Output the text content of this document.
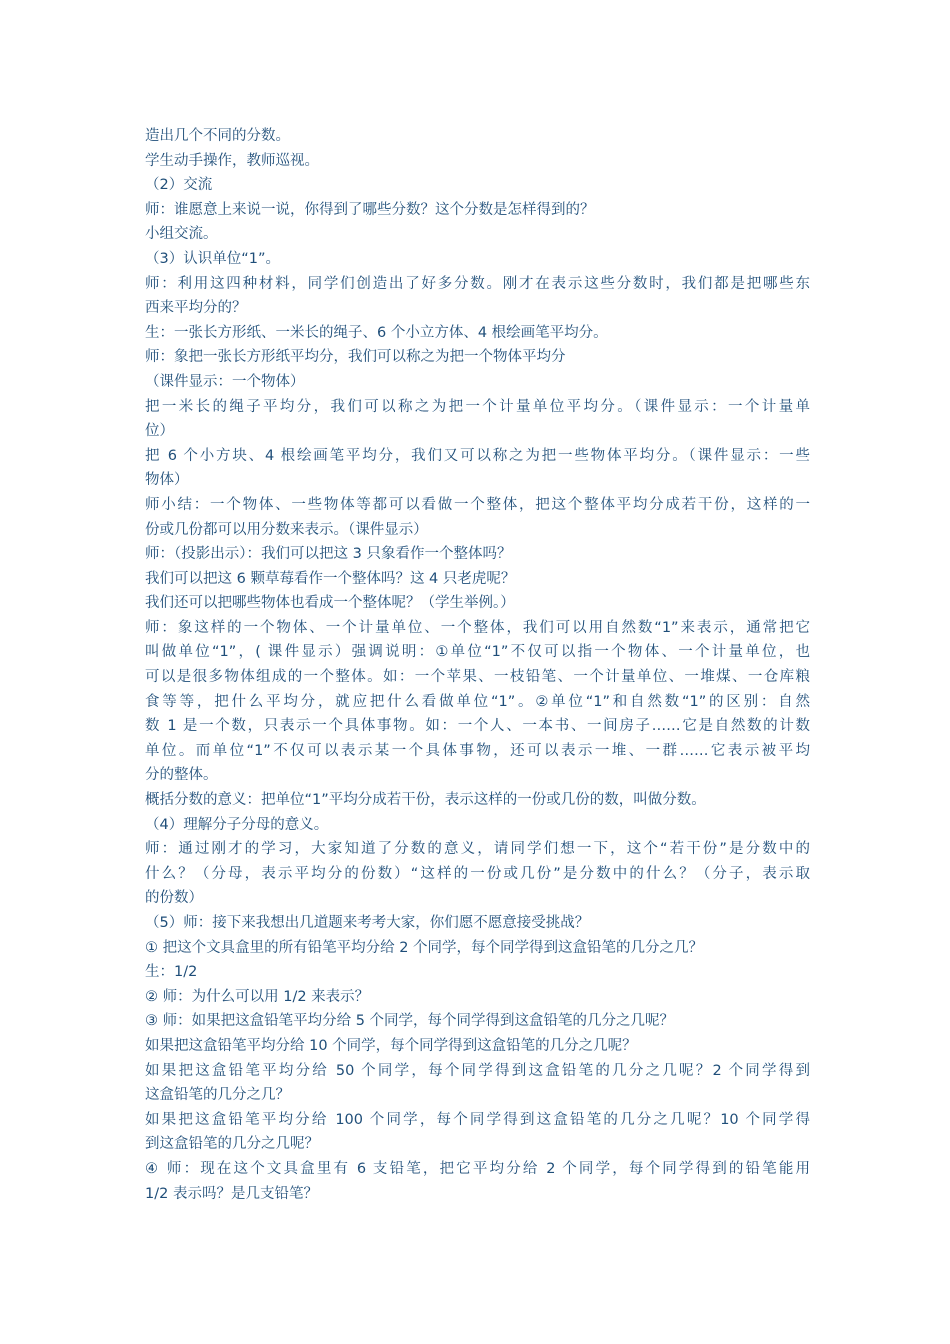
造出几个不同的分数。
学生动手操作，教师巡视。
（2）交流
师：谁愿意上来说一说，你得到了哪些分数？这个分数是怎样得到的？
小组交流。
（3）认识单位“1”。
师：利用这四种材料，同学们创造出了好多分数。刚才在表示这些分数时，我们都是把哪些东
西来平均分的？
生：一张长方形纸、一米长的绳子、6 个小立方体、4 根绘画笔平均分。
师：象把一张长方形纸平均分，我们可以称之为把一个物体平均分
（课件显示：一个物体）
把一米长的绳子平均分，我们可以称之为把一个计量单位平均分。（课件显示：一个计量单
位）
把 6 个小方块、4 根绘画笔平均分，我们又可以称之为把一些物体平均分。（课件显示：一些
物体）
师小结：一个物体、一些物体等都可以看做一个整体，把这个整体平均分成若干份，这样的一
份或几份都可以用分数来表示。（课件显示）
师：（投影出示）：我们可以把这 3 只象看作一个整体吗？
我们可以把这 6 颗草莓看作一个整体吗？这 4 只老虎呢？
我们还可以把哪些物体也看成一个整体呢？（学生举例。）
师：象这样的一个物体、一个计量单位、一个整体，我们可以用自然数“1”来表示，通常把它
叫做单位“1”，( 课件显示）强调说明：①单位“1”不仅可以指一个物体、一个计量单位，也
可以是很多物体组成的一个整体。如：一个苹果、一枝铅笔、一个计量单位、一堆煤、一仓库粮
食等等，把什么平均分，就应把什么看做单位“1”。②单位“1”和自然数“1”的区别：自然
数 1 是一个数，只表示一个具体事物。如：一个人、一本书、一间房子……它是自然数的计数
单位。而单位“1”不仅可以表示某一个具体事物，还可以表示一堆、一群……它表示被平均
分的整体。
概括分数的意义：把单位“1”平均分成若干份，表示这样的一份或几份的数，叫做分数。
（4）理解分子分母的意义。
师：通过刚才的学习，大家知道了分数的意义，请同学们想一下，这个“若干份”是分数中的
什么？（分母，表示平均分的份数）“这样的一份或几份”是分数中的什么？（分子，表示取
的份数）
（5）师：接下来我想出几道题来考考大家，你们愿不愿意接受挑战？
① 把这个文具盒里的所有铅笔平均分给 2 个同学，每个同学得到这盒铅笔的几分之几？
生：1/2
② 师：为什么可以用 1/2 来表示？
③ 师：如果把这盒铅笔平均分给 5 个同学，每个同学得到这盒铅笔的几分之几呢？
如果把这盒铅笔平均分给 10 个同学，每个同学得到这盒铅笔的几分之几呢？
如果把这盒铅笔平均分给 50 个同学，每个同学得到这盒铅笔的几分之几呢？2 个同学得到
这盒铅笔的几分之几？
如果把这盒铅笔平均分给 100 个同学，每个同学得到这盒铅笔的几分之几呢？10 个同学得
到这盒铅笔的几分之几呢？
④ 师：现在这个文具盒里有 6 支铅笔，把它平均分给 2 个同学，每个同学得到的铅笔能用
1/2 表示吗？是几支铅笔？
